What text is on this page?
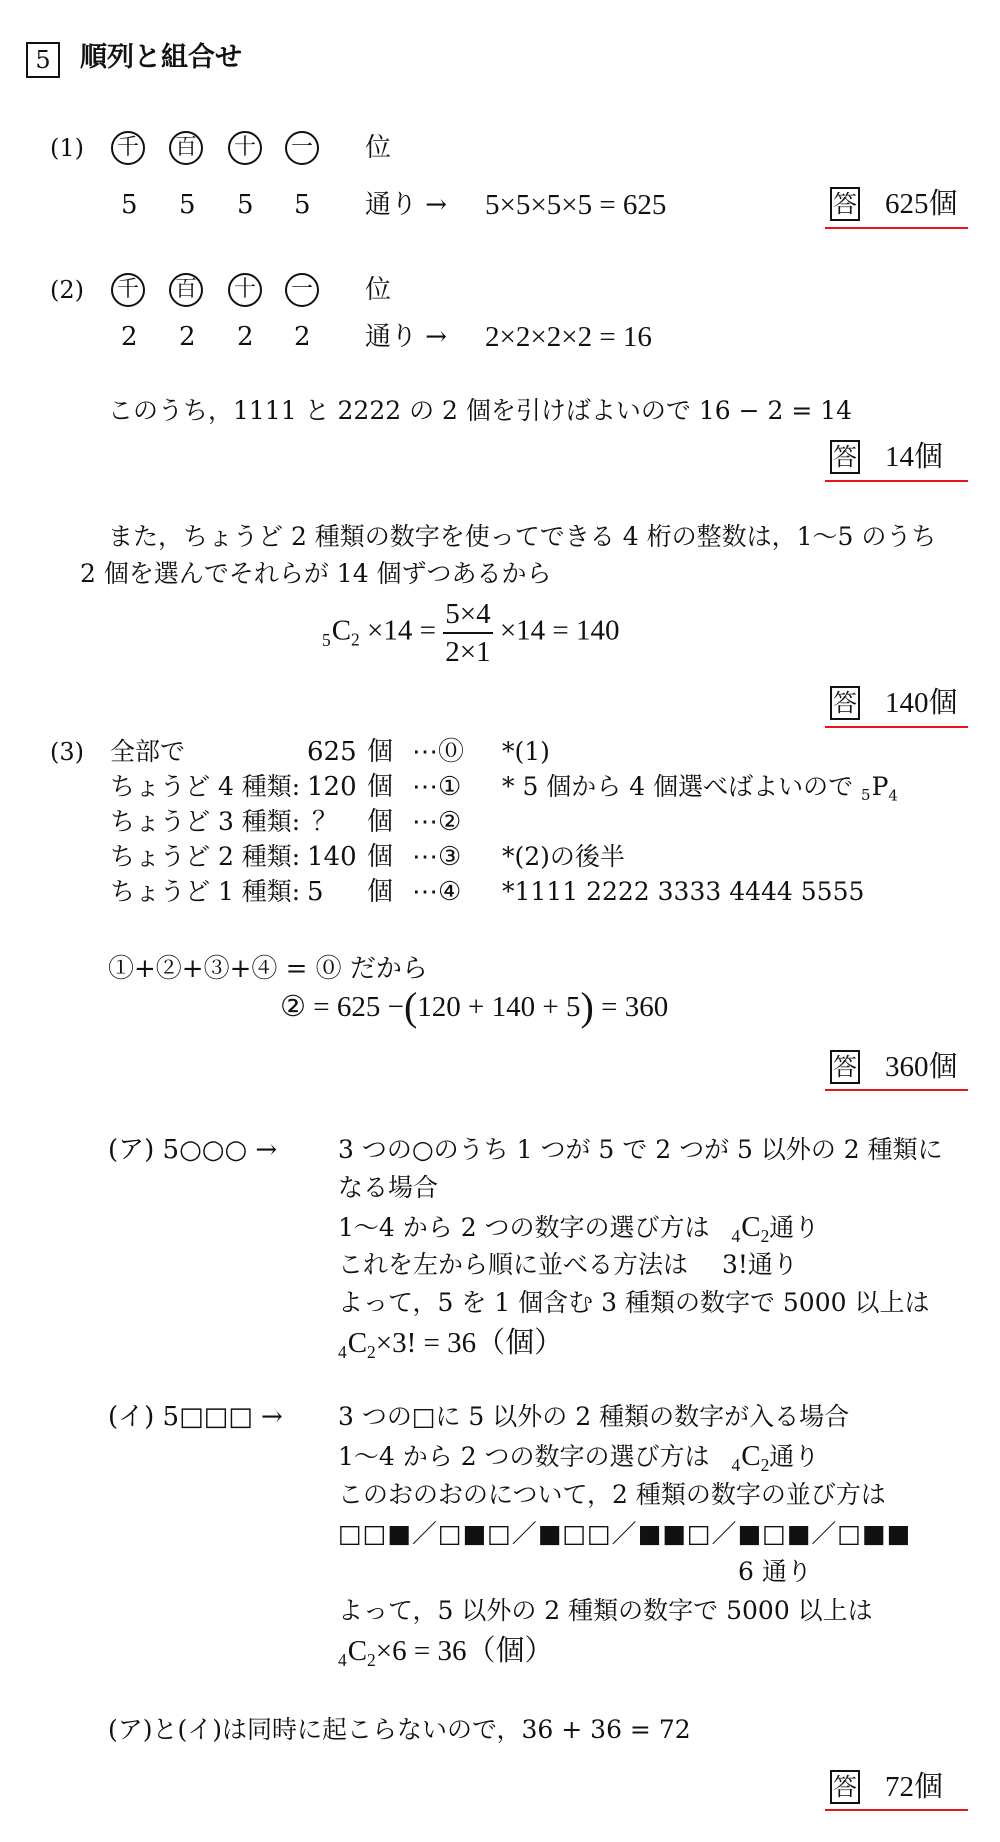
5	順列と組合せ
(1) 千 百 十 一 位
5 5 5 5 通り → 5×5×5×5 = 625	答 625個
(2) 千 百 十 一 位
2 2 2 2 通り → 2×2×2×2 = 16
このうち，1111 と 2222 の 2 個を引けばよいので 16 − 2 = 14
答 14個
また，ちょうど 2 種類の数字を使ってできる 4 桁の整数は，1〜5 のうち
2 個を選んでそれらが 14 個ずつあるから
$_5C_2 \times 14 = \frac{5\times 4}{2\times 1} \times 14 = 140$
答 140個
(3) 全部で	625 個 ⋯⓪ *(1)
ちょうど 4 種類: 120 個 ⋯① * 5 個から 4 個選べばよいので $_5P_4$
ちょうど 3 種類: ？ 個 ⋯②
ちょうど 2 種類: 140 個 ⋯③ *(2)の後半
ちょうど 1 種類: 5 個 ⋯④ *1111 2222 3333 4444 5555
①+②+③+④ = ⓪ だから
② = 625 −(120 + 140 + 5) = 360
答 360個
(ア) 5○○○ → 3 つの○のうち 1 つが 5 で 2 つが 5 以外の 2 種類に
なる場合
1〜4 から 2 つの数字の選び方は $_4C_2$通り
これを左から順に並べる方法は 3!通り
よって，5 を 1 個含む 3 種類の数字で 5000 以上は
$_4C_2\times 3$! = 36（個）
(イ) 5□□□ → 3 つの□に 5 以外の 2 種類の数字が入る場合
1〜4 から 2 つの数字の選び方は $_4C_2$通り
このおのおのについて，2 種類の数字の並び方は
□□■／□■□／■□□／■■□／■□■／□■■
6 通り
よって，5 以外の 2 種類の数字で 5000 以上は
$_4C_2\times 6 = 36$（個）
(ア)と(イ)は同時に起こらないので，36 + 36 = 72
答 72個
